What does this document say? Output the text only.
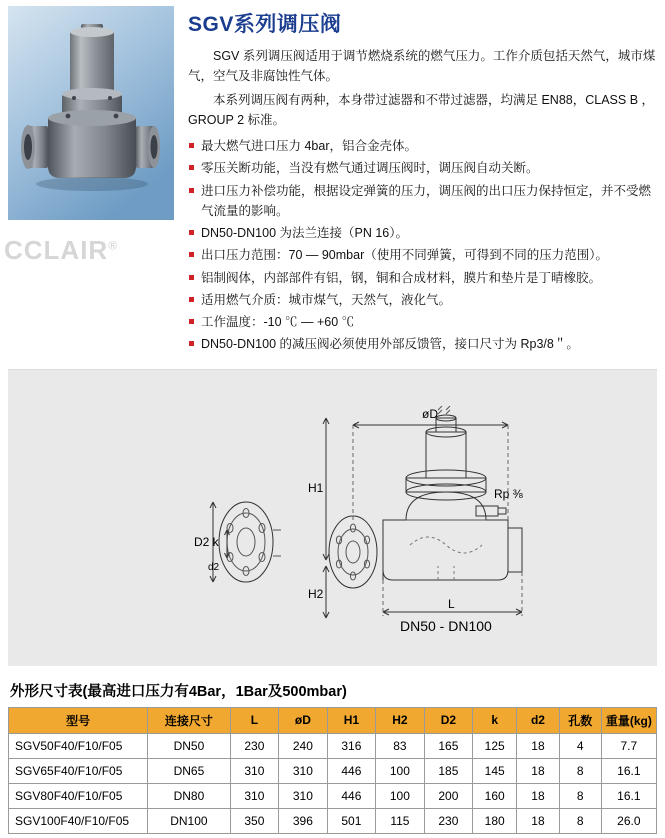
SGV系列调压阀

SGV 系列调压阀适用于调节燃烧系统的燃气压力。工作介质包括天然气，城市煤气，空气及非腐蚀性气体。

本系列调压阀有两种，本身带过滤器和不带过滤器，均满足 EN88，CLASS B ，GROUP 2 标准。

最大燃气进口压力 4bar，铝合金壳体。
零压关断功能，当没有燃气通过调压阀时，调压阀自动关断。
进口压力补偿功能，根据设定弹簧的压力，调压阀的出口压力保持恒定，并不受燃气流量的影响。
DN50‑DN100 为法兰连接（PN 16）。
出口压力范围：70 — 90mbar（使用不同弹簧，可得到不同的压力范围）。
铝制阀体，内部部件有铝，钢，铜和合成材料，膜片和垫片是丁晴橡胶。
适用燃气介质：城市煤气，天然气，液化气。
工作温度：-10 ℃ — +60 ℃
DN50‑DN100 的减压阀必须使用外部反馈管，接口尺寸为 Rp3/8＂。
CCLAIR®
øD
H1
H2
D2 k
d2
L
Rp ⅜
DN50 - DN100
外形尺寸表(最高进口压力有4Bar，1Bar及500mbar)
型号	连接尺寸	L	øD	H1	H2	D2	k	d2	孔数	重量(kg)
SGV50F40/F10/F05	DN50	230	240	316	83	165	125	18	4	7.7
SGV65F40/F10/F05	DN65	310	310	446	100	185	145	18	8	16.1
SGV80F40/F10/F05	DN80	310	310	446	100	200	160	18	8	16.1
SGV100F40/F10/F05	DN100	350	396	501	115	230	180	18	8	26.0
